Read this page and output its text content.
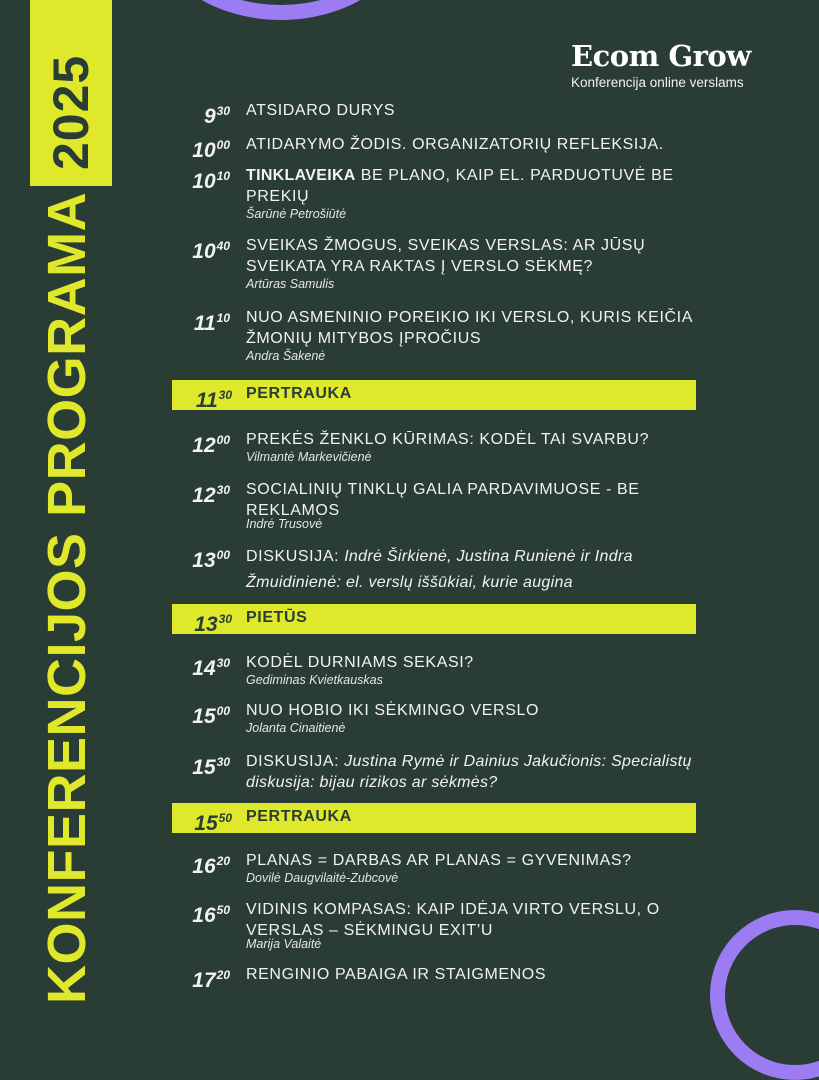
2025
KONFERENCIJOS PROGRAMA
Ecom Grow
Konferencija online verslams
$9^{30}$ ATSIDARO DURYS
$10^{00}$ ATIDARYMO ŽODIS. ORGANIZATORIŲ REFLEKSIJA.
$10^{10}$ TINKLAVEIKA BE PLANO, KAIP EL. PARDUOTUVĖ BE PREKIŲ
Šarūnė Petrošiūtė
$10^{40}$ SVEIKAS ŽMOGUS, SVEIKAS VERSLAS: AR JŪSŲ SVEIKATA YRA RAKTAS Į VERSLO SĖKMĘ?
Artūras Samulis
$11^{10}$ NUO ASMENINIO POREIKIO IKI VERSLO, KURIS KEIČIA ŽMONIŲ MITYBOS ĮPROČIUS
Andra Šakenė
$11^{30}$ PERTRAUKA
$12^{00}$ PREKĖS ŽENKLO KŪRIMAS: KODĖL TAI SVARBU?
Vilmantė Markevičienė
$12^{30}$ SOCIALINIŲ TINKLŲ GALIA PARDAVIMUOSE - BE REKLAMOS
Indrė Trusovė
$13^{00}$ DISKUSIJA: Indrė Širkienė, Justina Runienė ir Indra Žmuidinienė: el. verslų iššūkiai, kurie augina
$13^{30}$ PIETŪS
$14^{30}$ KODĖL DURNIAMS SEKASI?
Gediminas Kvietkauskas
$15^{00}$ NUO HOBIO IKI SĖKMINGO VERSLO
Jolanta Cinaitienė
$15^{30}$ DISKUSIJA: Justina Rymė ir Dainius Jakučionis: Specialistų diskusija: bijau rizikos ar sėkmės?
$15^{50}$ PERTRAUKA
$16^{20}$ PLANAS = DARBAS AR PLANAS = GYVENIMAS?
Dovilė Daugvilaitė-Zubcovė
$16^{50}$ VIDINIS KOMPASAS: KAIP IDĖJA VIRTO VERSLU, O VERSLAS – SĖKMINGU EXIT’U
Marija Valaitė
$17^{20}$ RENGINIO PABAIGA IR STAIGMENOS
